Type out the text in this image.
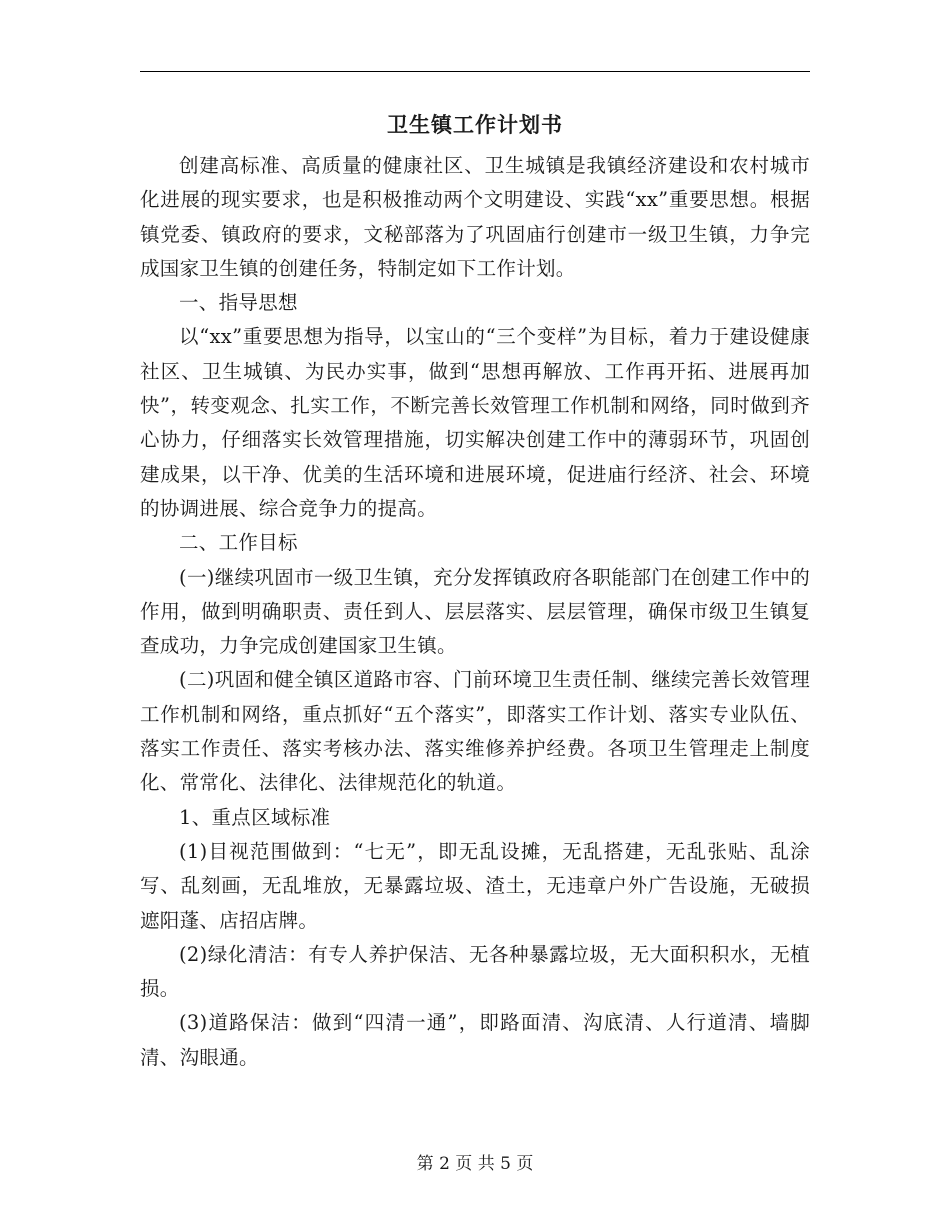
卫生镇工作计划书

创建高标准、高质量的健康社区、卫生城镇是我镇经济建设和农村城市化进展的现实要求，也是积极推动两个文明建设、实践“xx”重要思想。根据镇党委、镇政府的要求，文秘部落为了巩固庙行创建市一级卫生镇，力争完成国家卫生镇的创建任务，特制定如下工作计划。

一、指导思想

以“xx”重要思想为指导，以宝山的“三个变样”为目标，着力于建设健康社区、卫生城镇、为民办实事，做到“思想再解放、工作再开拓、进展再加快”，转变观念、扎实工作，不断完善长效管理工作机制和网络，同时做到齐心协力，仔细落实长效管理措施，切实解决创建工作中的薄弱环节，巩固创建成果，以干净、优美的生活环境和进展环境，促进庙行经济、社会、环境的协调进展、综合竞争力的提高。

二、工作目标

(一)继续巩固市一级卫生镇，充分发挥镇政府各职能部门在创建工作中的作用，做到明确职责、责任到人、层层落实、层层管理，确保市级卫生镇复查成功，力争完成创建国家卫生镇。

(二)巩固和健全镇区道路市容、门前环境卫生责任制、继续完善长效管理工作机制和网络，重点抓好“五个落实”，即落实工作计划、落实专业队伍、落实工作责任、落实考核办法、落实维修养护经费。各项卫生管理走上制度化、常常化、法律化、法律规范化的轨道。

1、重点区域标准

(1)目视范围做到：“七无”，即无乱设摊，无乱搭建，无乱张贴、乱涂写、乱刻画，无乱堆放，无暴露垃圾、渣土，无违章户外广告设施，无破损遮阳蓬、店招店牌。

(2)绿化清洁：有专人养护保洁、无各种暴露垃圾，无大面积积水，无植损。

(3)道路保洁：做到“四清一通”，即路面清、沟底清、人行道清、墙脚清、沟眼通。

第 2 页 共 5 页
